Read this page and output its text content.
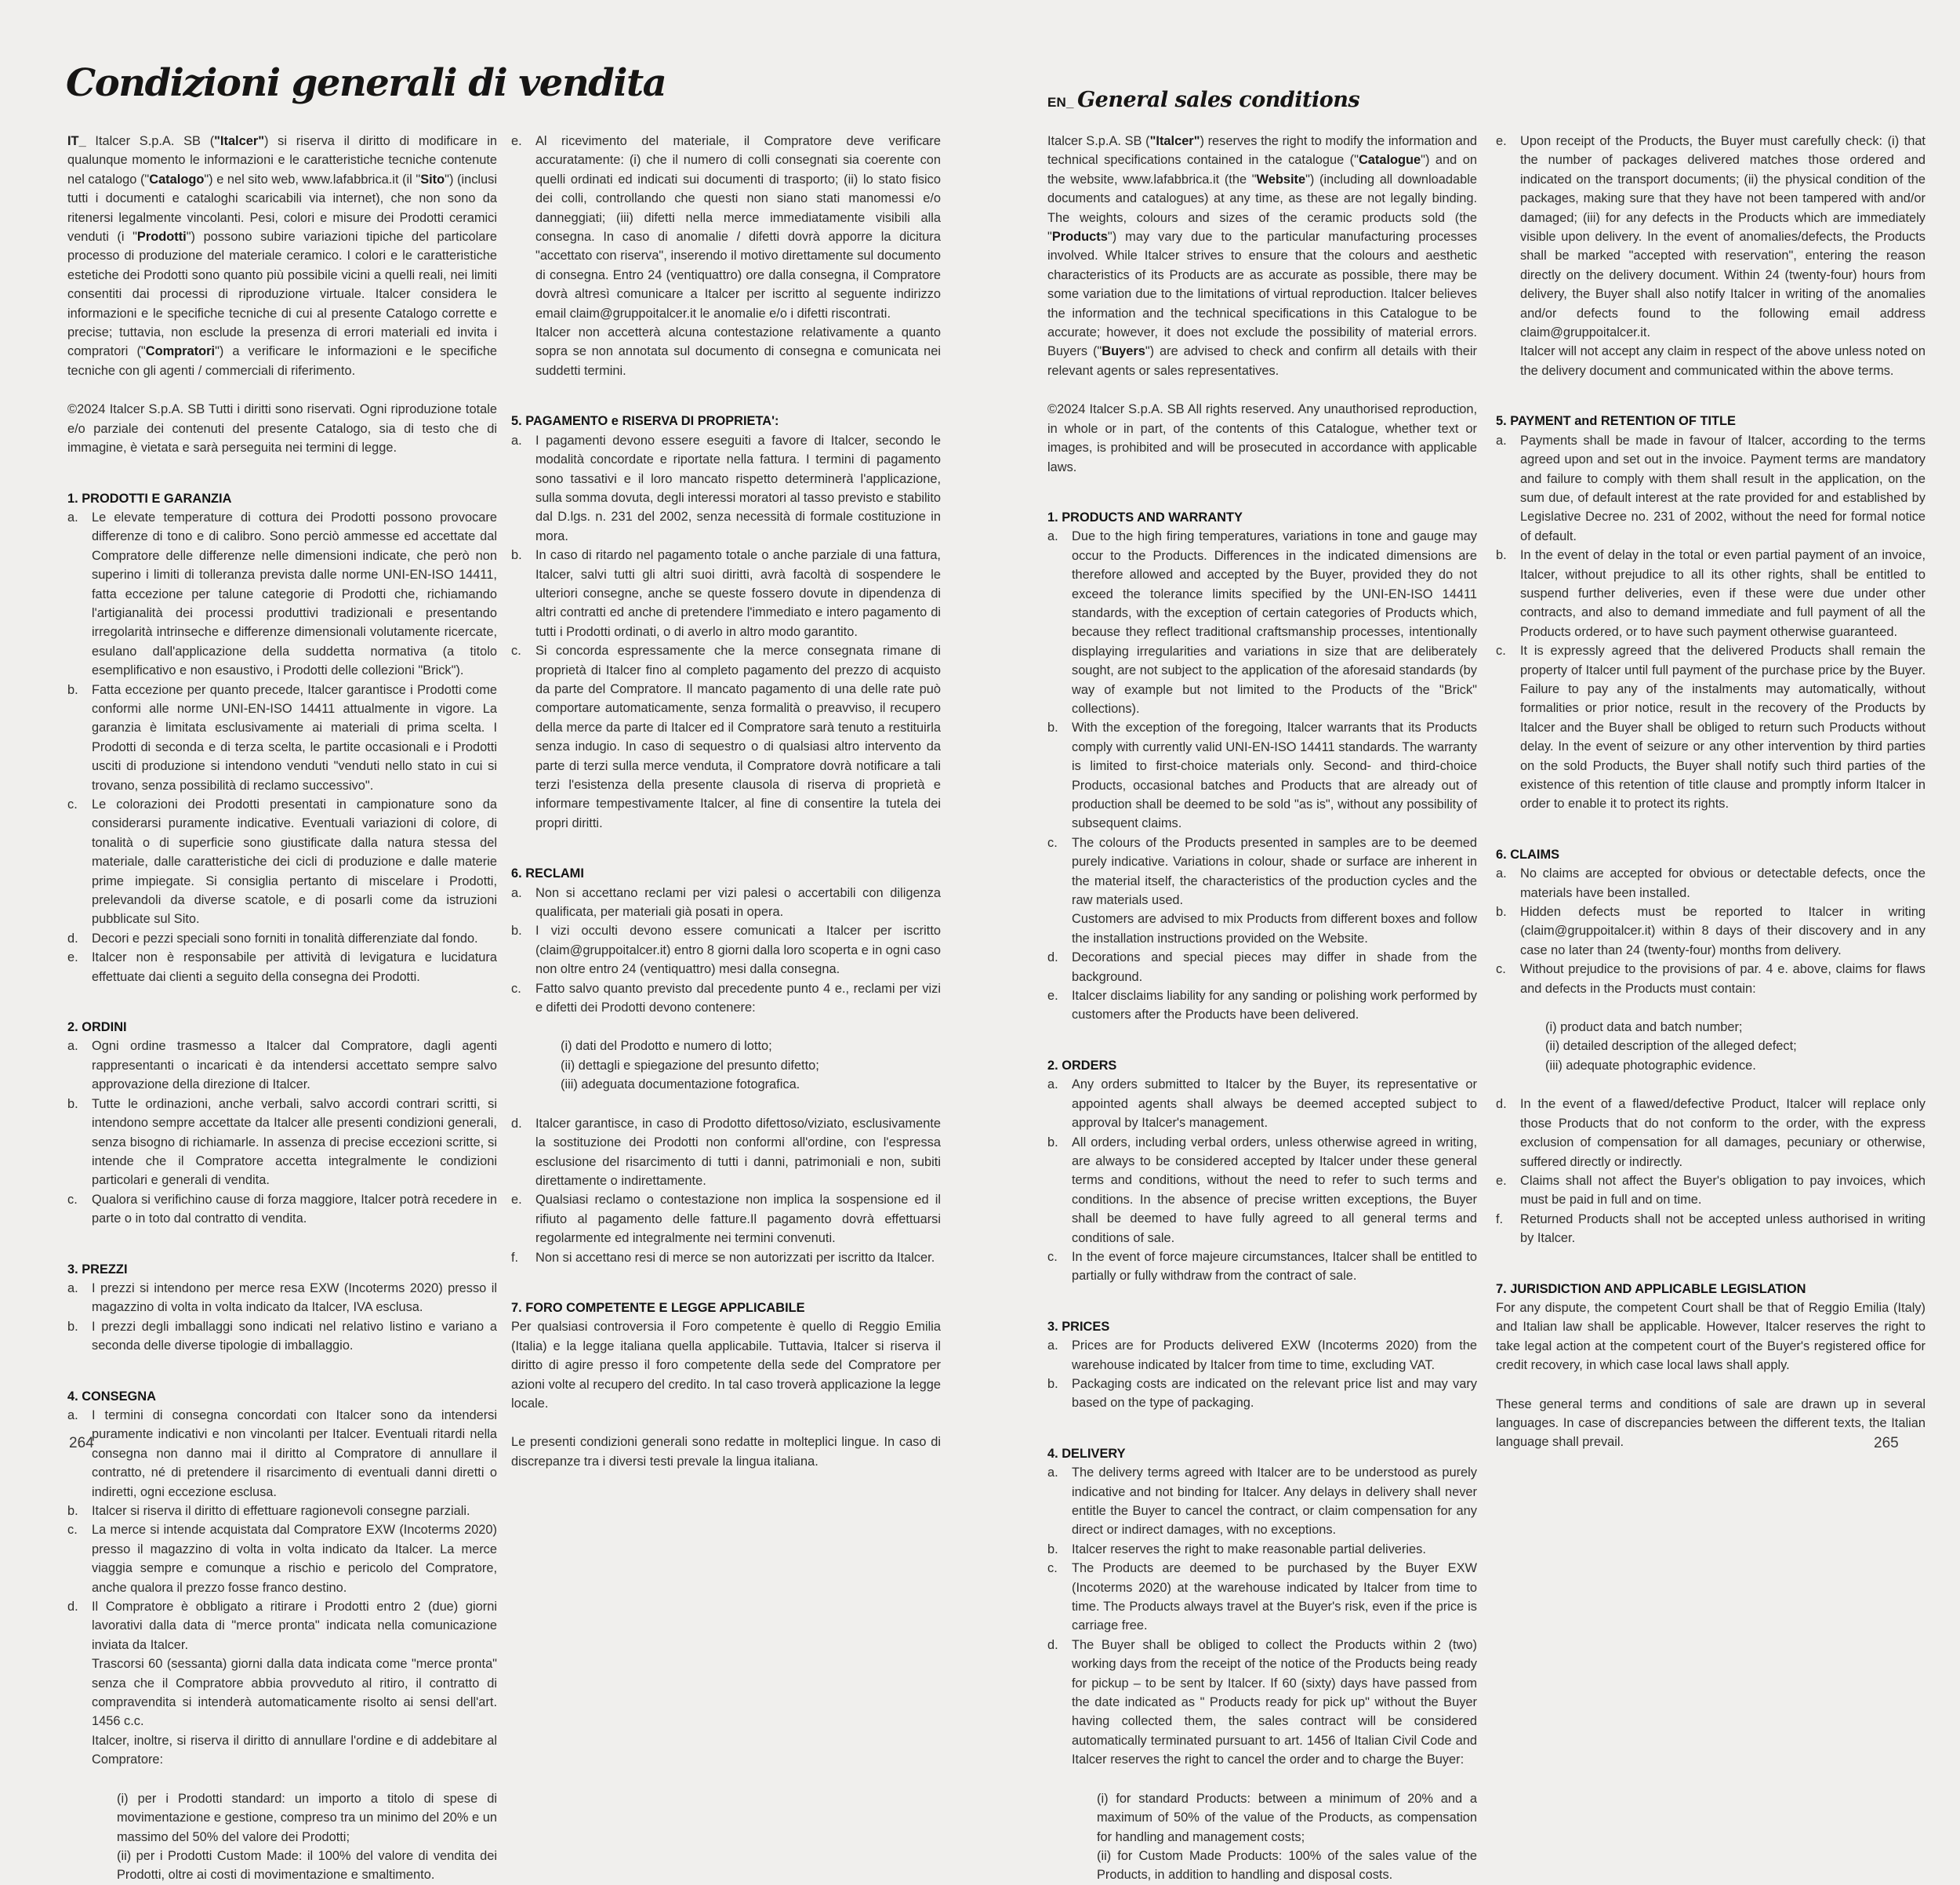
Condizioni generali di vendita	EN_ General sales conditions
IT_ Italcer S.p.A. SB ("Italcer") si riserva il diritto di modificare in qualunque momento le informazioni e le caratteristiche tecniche contenute nel catalogo ("Catalogo") e nel sito web, www.lafabbrica.it (il "Sito") (inclusi tutti i documenti e cataloghi scaricabili via internet), che non sono da ritenersi legalmente vincolanti. Pesi, colori e misure dei Prodotti ceramici venduti (i "Prodotti") possono subire variazioni tipiche del particolare processo di produzione del materiale ceramico. I colori e le caratteristiche estetiche dei Prodotti sono quanto più possibile vicini a quelli reali, nei limiti consentiti dai processi di riproduzione virtuale. Italcer considera le informazioni e le specifiche tecniche di cui al presente Catalogo corrette e precise; tuttavia, non esclude la presenza di errori materiali ed invita i compratori ("Compratori") a verificare le informazioni e le specifiche tecniche con gli agenti / commerciali di riferimento.
©2024 Italcer S.p.A. SB Tutti i diritti sono riservati. Ogni riproduzione totale e/o parziale dei contenuti del presente Catalogo, sia di testo che di immagine, è vietata e sarà perseguita nei termini di legge.
1. PRODOTTI E GARANZIA
a. Le elevate temperature di cottura dei Prodotti possono provocare differenze di tono e di calibro. Sono perciò ammesse ed accettate dal Compratore delle differenze nelle dimensioni indicate, che però non superino i limiti di tolleranza prevista dalle norme UNI-EN-ISO 14411, fatta eccezione per talune categorie di Prodotti che, richiamando l'artigianalità dei processi produttivi tradizionali e presentando irregolarità intrinseche e differenze dimensionali volutamente ricercate, esulano dall'applicazione della suddetta normativa (a titolo esemplificativo e non esaustivo, i Prodotti delle collezioni "Brick").
b. Fatta eccezione per quanto precede, Italcer garantisce i Prodotti come conformi alle norme UNI-EN-ISO 14411 attualmente in vigore. La garanzia è limitata esclusivamente ai materiali di prima scelta. I Prodotti di seconda e di terza scelta, le partite occasionali e i Prodotti usciti di produzione si intendono venduti "venduti nello stato in cui si trovano, senza possibilità di reclamo successivo".
c. Le colorazioni dei Prodotti presentati in campionature sono da considerarsi puramente indicative. Eventuali variazioni di colore, di tonalità o di superficie sono giustificate dalla natura stessa del materiale, dalle caratteristiche dei cicli di produzione e dalle materie prime impiegate. Si consiglia pertanto di miscelare i Prodotti, prelevandoli da diverse scatole, e di posarli come da istruzioni pubblicate sul Sito.
d. Decori e pezzi speciali sono forniti in tonalità differenziate dal fondo.
e. Italcer non è responsabile per attività di levigatura e lucidatura effettuate dai clienti a seguito della consegna dei Prodotti.
2. ORDINI
a. Ogni ordine trasmesso a Italcer dal Compratore, dagli agenti rappresentanti o incaricati è da intendersi accettato sempre salvo approvazione della direzione di Italcer.
b. Tutte le ordinazioni, anche verbali, salvo accordi contrari scritti, si intendono sempre accettate da Italcer alle presenti condizioni generali, senza bisogno di richiamarle. In assenza di precise eccezioni scritte, si intende che il Compratore accetta integralmente le condizioni particolari e generali di vendita.
c. Qualora si verifichino cause di forza maggiore, Italcer potrà recedere in parte o in toto dal contratto di vendita.
3. PREZZI
a. I prezzi si intendono per merce resa EXW (Incoterms 2020) presso il magazzino di volta in volta indicato da Italcer, IVA esclusa.
b. I prezzi degli imballaggi sono indicati nel relativo listino e variano a seconda delle diverse tipologie di imballaggio.
4. CONSEGNA
a. I termini di consegna concordati con Italcer sono da intendersi puramente indicativi e non vincolanti per Italcer. Eventuali ritardi nella consegna non danno mai il diritto al Compratore di annullare il contratto, né di pretendere il risarcimento di eventuali danni diretti o indiretti, ogni eccezione esclusa.
b. Italcer si riserva il diritto di effettuare ragionevoli consegne parziali.
c. La merce si intende acquistata dal Compratore EXW (Incoterms 2020) presso il magazzino di volta in volta indicato da Italcer. La merce viaggia sempre e comunque a rischio e pericolo del Compratore, anche qualora il prezzo fosse franco destino.
d. Il Compratore è obbligato a ritirare i Prodotti entro 2 (due) giorni lavorativi dalla data di "merce pronta" indicata nella comunicazione inviata da Italcer.
Trascorsi 60 (sessanta) giorni dalla data indicata come "merce pronta" senza che il Compratore abbia provveduto al ritiro, il contratto di compravendita si intenderà automaticamente risolto ai sensi dell'art. 1456 c.c.
Italcer, inoltre, si riserva il diritto di annullare l'ordine e di addebitare al Compratore:
(i) per i Prodotti standard: un importo a titolo di spese di movimentazione e gestione, compreso tra un minimo del 20% e un massimo del 50% del valore dei Prodotti;
(ii) per i Prodotti Custom Made: il 100% del valore di vendita dei Prodotti, oltre ai costi di movimentazione e smaltimento.
e. Al ricevimento del materiale, il Compratore deve verificare accuratamente: (i) che il numero di colli consegnati sia coerente con quelli ordinati ed indicati sui documenti di trasporto; (ii) lo stato fisico dei colli, controllando che questi non siano stati manomessi e/o danneggiati; (iii) difetti nella merce immediatamente visibili alla consegna. In caso di anomalie / difetti dovrà apporre la dicitura "accettato con riserva", inserendo il motivo direttamente sul documento di consegna. Entro 24 (ventiquattro) ore dalla consegna, il Compratore dovrà altresì comunicare a Italcer per iscritto al seguente indirizzo email claim@gruppoitalcer.it le anomalie e/o i difetti riscontrati.
Italcer non accetterà alcuna contestazione relativamente a quanto sopra se non annotata sul documento di consegna e comunicata nei suddetti termini.
5. PAGAMENTO e RISERVA DI PROPRIETA':
a. I pagamenti devono essere eseguiti a favore di Italcer, secondo le modalità concordate e riportate nella fattura. I termini di pagamento sono tassativi e il loro mancato rispetto determinerà l'applicazione, sulla somma dovuta, degli interessi moratori al tasso previsto e stabilito dal D.lgs. n. 231 del 2002, senza necessità di formale costituzione in mora.
b. In caso di ritardo nel pagamento totale o anche parziale di una fattura, Italcer, salvi tutti gli altri suoi diritti, avrà facoltà di sospendere le ulteriori consegne, anche se queste fossero dovute in dipendenza di altri contratti ed anche di pretendere l'immediato e intero pagamento di tutti i Prodotti ordinati, o di averlo in altro modo garantito.
c. Si concorda espressamente che la merce consegnata rimane di proprietà di Italcer fino al completo pagamento del prezzo di acquisto da parte del Compratore. Il mancato pagamento di una delle rate può comportare automaticamente, senza formalità o preavviso, il recupero della merce da parte di Italcer ed il Compratore sarà tenuto a restituirla senza indugio. In caso di sequestro o di qualsiasi altro intervento da parte di terzi sulla merce venduta, il Compratore dovrà notificare a tali terzi l'esistenza della presente clausola di riserva di proprietà e informare tempestivamente Italcer, al fine di consentire la tutela dei propri diritti.
6. RECLAMI
a. Non si accettano reclami per vizi palesi o accertabili con diligenza qualificata, per materiali già posati in opera.
b. I vizi occulti devono essere comunicati a Italcer per iscritto (claim@gruppoitalcer.it) entro 8 giorni dalla loro scoperta e in ogni caso non oltre entro 24 (ventiquattro) mesi dalla consegna.
c. Fatto salvo quanto previsto dal precedente punto 4 e., reclami per vizi e difetti dei Prodotti devono contenere:
(i) dati del Prodotto e numero di lotto;
(ii) dettagli e spiegazione del presunto difetto;
(iii) adeguata documentazione fotografica.
d. Italcer garantisce, in caso di Prodotto difettoso/viziato, esclusivamente la sostituzione dei Prodotti non conformi all'ordine, con l'espressa esclusione del risarcimento di tutti i danni, patrimoniali e non, subiti direttamente o indirettamente.
e. Qualsiasi reclamo o contestazione non implica la sospensione ed il rifiuto al pagamento delle fatture.Il pagamento dovrà effettuarsi regolarmente ed integralmente nei termini convenuti.
f. Non si accettano resi di merce se non autorizzati per iscritto da Italcer.
7. FORO COMPETENTE E LEGGE APPLICABILE
Per qualsiasi controversia il Foro competente è quello di Reggio Emilia (Italia) e la legge italiana quella applicabile. Tuttavia, Italcer si riserva il diritto di agire presso il foro competente della sede del Compratore per azioni volte al recupero del credito. In tal caso troverà applicazione la legge locale.
Le presenti condizioni generali sono redatte in molteplici lingue. In caso di discrepanze tra i diversi testi prevale la lingua italiana.
Italcer S.p.A. SB ("Italcer") reserves the right to modify the information and technical specifications contained in the catalogue ("Catalogue") and on the website, www.lafabbrica.it (the "Website") (including all downloadable documents and catalogues) at any time, as these are not legally binding. The weights, colours and sizes of the ceramic products sold (the "Products") may vary due to the particular manufacturing processes involved. While Italcer strives to ensure that the colours and aesthetic characteristics of its Products are as accurate as possible, there may be some variation due to the limitations of virtual reproduction. Italcer believes the information and the technical specifications in this Catalogue to be accurate; however, it does not exclude the possibility of material errors. Buyers ("Buyers") are advised to check and confirm all details with their relevant agents or sales representatives.
©2024 Italcer S.p.A. SB All rights reserved. Any unauthorised reproduction, in whole or in part, of the contents of this Catalogue, whether text or images, is prohibited and will be prosecuted in accordance with applicable laws.
1. PRODUCTS AND WARRANTY
a. Due to the high firing temperatures, variations in tone and gauge may occur to the Products. Differences in the indicated dimensions are therefore allowed and accepted by the Buyer, provided they do not exceed the tolerance limits specified by the UNI-EN-ISO 14411 standards, with the exception of certain categories of Products which, because they reflect traditional craftsmanship processes, intentionally displaying irregularities and variations in size that are deliberately sought, are not subject to the application of the aforesaid standards (by way of example but not limited to the Products of the "Brick" collections).
b. With the exception of the foregoing, Italcer warrants that its Products comply with currently valid UNI-EN-ISO 14411 standards. The warranty is limited to first-choice materials only. Second- and third-choice Products, occasional batches and Products that are already out of production shall be deemed to be sold "as is", without any possibility of subsequent claims.
c. The colours of the Products presented in samples are to be deemed purely indicative. Variations in colour, shade or surface are inherent in the material itself, the characteristics of the production cycles and the raw materials used.
Customers are advised to mix Products from different boxes and follow the installation instructions provided on the Website.
d. Decorations and special pieces may differ in shade from the background.
e. Italcer disclaims liability for any sanding or polishing work performed by customers after the Products have been delivered.
2. ORDERS
a. Any orders submitted to Italcer by the Buyer, its representative or appointed agents shall always be deemed accepted subject to approval by Italcer's management.
b. All orders, including verbal orders, unless otherwise agreed in writing, are always to be considered accepted by Italcer under these general terms and conditions, without the need to refer to such terms and conditions. In the absence of precise written exceptions, the Buyer shall be deemed to have fully agreed to all general terms and conditions of sale.
c. In the event of force majeure circumstances, Italcer shall be entitled to partially or fully withdraw from the contract of sale.
3. PRICES
a. Prices are for Products delivered EXW (Incoterms 2020) from the warehouse indicated by Italcer from time to time, excluding VAT.
b. Packaging costs are indicated on the relevant price list and may vary based on the type of packaging.
4. DELIVERY
a. The delivery terms agreed with Italcer are to be understood as purely indicative and not binding for Italcer. Any delays in delivery shall never entitle the Buyer to cancel the contract, or claim compensation for any direct or indirect damages, with no exceptions.
b. Italcer reserves the right to make reasonable partial deliveries.
c. The Products are deemed to be purchased by the Buyer EXW (Incoterms 2020) at the warehouse indicated by Italcer from time to time. The Products always travel at the Buyer's risk, even if the price is carriage free.
d. The Buyer shall be obliged to collect the Products within 2 (two) working days from the receipt of the notice of the Products being ready for pickup – to be sent by Italcer. If 60 (sixty) days have passed from the date indicated as " Products ready for pick up" without the Buyer having collected them, the sales contract will be considered automatically terminated pursuant to art. 1456 of Italian Civil Code and Italcer reserves the right to cancel the order and to charge the Buyer:
(i) for standard Products: between a minimum of 20% and a maximum of 50% of the value of the Products, as compensation for handling and management costs;
(ii) for Custom Made Products: 100% of the sales value of the Products, in addition to handling and disposal costs.
e. Upon receipt of the Products, the Buyer must carefully check: (i) that the number of packages delivered matches those ordered and indicated on the transport documents; (ii) the physical condition of the packages, making sure that they have not been tampered with and/or damaged; (iii) for any defects in the Products which are immediately visible upon delivery. In the event of anomalies/defects, the Products shall be marked "accepted with reservation", entering the reason directly on the delivery document. Within 24 (twenty-four) hours from delivery, the Buyer shall also notify Italcer in writing of the anomalies and/or defects found to the following email address claim@gruppoitalcer.it.
Italcer will not accept any claim in respect of the above unless noted on the delivery document and communicated within the above terms.
5. PAYMENT and RETENTION OF TITLE
a. Payments shall be made in favour of Italcer, according to the terms agreed upon and set out in the invoice. Payment terms are mandatory and failure to comply with them shall result in the application, on the sum due, of default interest at the rate provided for and established by Legislative Decree no. 231 of 2002, without the need for formal notice of default.
b. In the event of delay in the total or even partial payment of an invoice, Italcer, without prejudice to all its other rights, shall be entitled to suspend further deliveries, even if these were due under other contracts, and also to demand immediate and full payment of all the Products ordered, or to have such payment otherwise guaranteed.
c. It is expressly agreed that the delivered Products shall remain the property of Italcer until full payment of the purchase price by the Buyer. Failure to pay any of the instalments may automatically, without formalities or prior notice, result in the recovery of the Products by Italcer and the Buyer shall be obliged to return such Products without delay. In the event of seizure or any other intervention by third parties on the sold Products, the Buyer shall notify such third parties of the existence of this retention of title clause and promptly inform Italcer in order to enable it to protect its rights.
6. CLAIMS
a. No claims are accepted for obvious or detectable defects, once the materials have been installed.
b. Hidden defects must be reported to Italcer in writing (claim@gruppoitalcer.it) within 8 days of their discovery and in any case no later than 24 (twenty-four) months from delivery.
c. Without prejudice to the provisions of par. 4 e. above, claims for flaws and defects in the Products must contain:
(i) product data and batch number;
(ii) detailed description of the alleged defect;
(iii) adequate photographic evidence.
d. In the event of a flawed/defective Product, Italcer will replace only those Products that do not conform to the order, with the express exclusion of compensation for all damages, pecuniary or otherwise, suffered directly or indirectly.
e. Claims shall not affect the Buyer's obligation to pay invoices, which must be paid in full and on time.
f. Returned Products shall not be accepted unless authorised in writing by Italcer.
7. JURISDICTION AND APPLICABLE LEGISLATION
For any dispute, the competent Court shall be that of Reggio Emilia (Italy) and Italian law shall be applicable. However, Italcer reserves the right to take legal action at the competent court of the Buyer's registered office for credit recovery, in which case local laws shall apply.
These general terms and conditions of sale are drawn up in several languages. In case of discrepancies between the different texts, the Italian language shall prevail.
264	265
